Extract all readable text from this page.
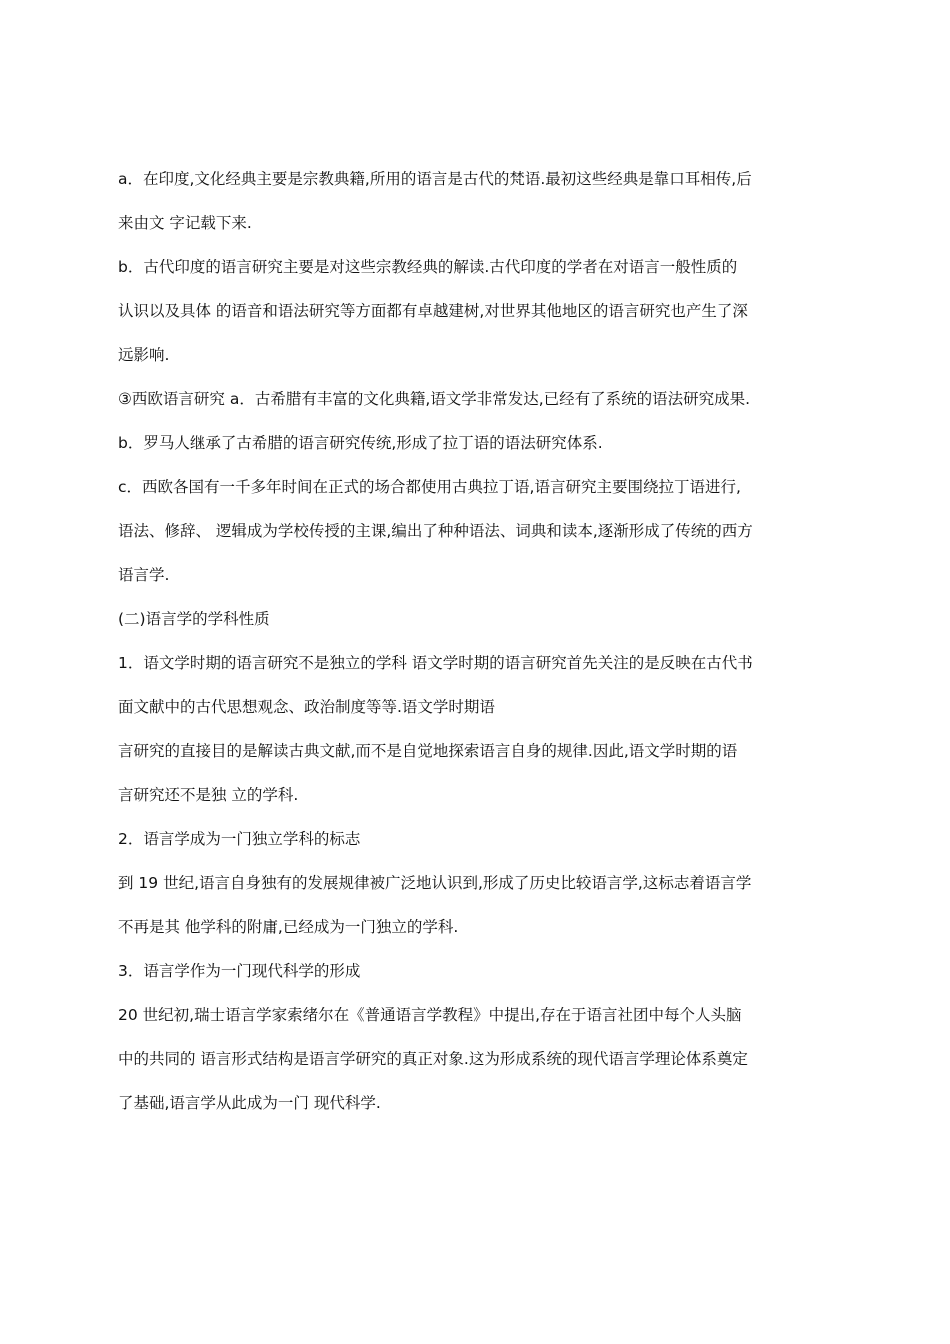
a．在印度,文化经典主要是宗教典籍,所用的语言是古代的梵语.最初这些经典是靠口耳相传,后
来由文 字记载下来.
b．古代印度的语言研究主要是对这些宗教经典的解读.古代印度的学者在对语言一般性质的
认识以及具体 的语音和语法研究等方面都有卓越建树,对世界其他地区的语言研究也产生了深
远影响.
③西欧语言研究 a．古希腊有丰富的文化典籍,语文学非常发达,已经有了系统的语法研究成果.
b．罗马人继承了古希腊的语言研究传统,形成了拉丁语的语法研究体系.
c．西欧各国有一千多年时间在正式的场合都使用古典拉丁语,语言研究主要围绕拉丁语进行,
语法、修辞、 逻辑成为学校传授的主课,编出了种种语法、词典和读本,逐渐形成了传统的西方
语言学.
(二)语言学的学科性质
1．语文学时期的语言研究不是独立的学科 语文学时期的语言研究首先关注的是反映在古代书
面文献中的古代思想观念、政治制度等等.语文学时期语
言研究的直接目的是解读古典文献,而不是自觉地探索语言自身的规律.因此,语文学时期的语
言研究还不是独 立的学科.
2．语言学成为一门独立学科的标志
到 19 世纪,语言自身独有的发展规律被广泛地认识到,形成了历史比较语言学,这标志着语言学
不再是其 他学科的附庸,已经成为一门独立的学科.
3．语言学作为一门现代科学的形成
20 世纪初,瑞士语言学家索绪尔在《普通语言学教程》中提出,存在于语言社团中每个人头脑
中的共同的 语言形式结构是语言学研究的真正对象.这为形成系统的现代语言学理论体系奠定
了基础,语言学从此成为一门 现代科学.
